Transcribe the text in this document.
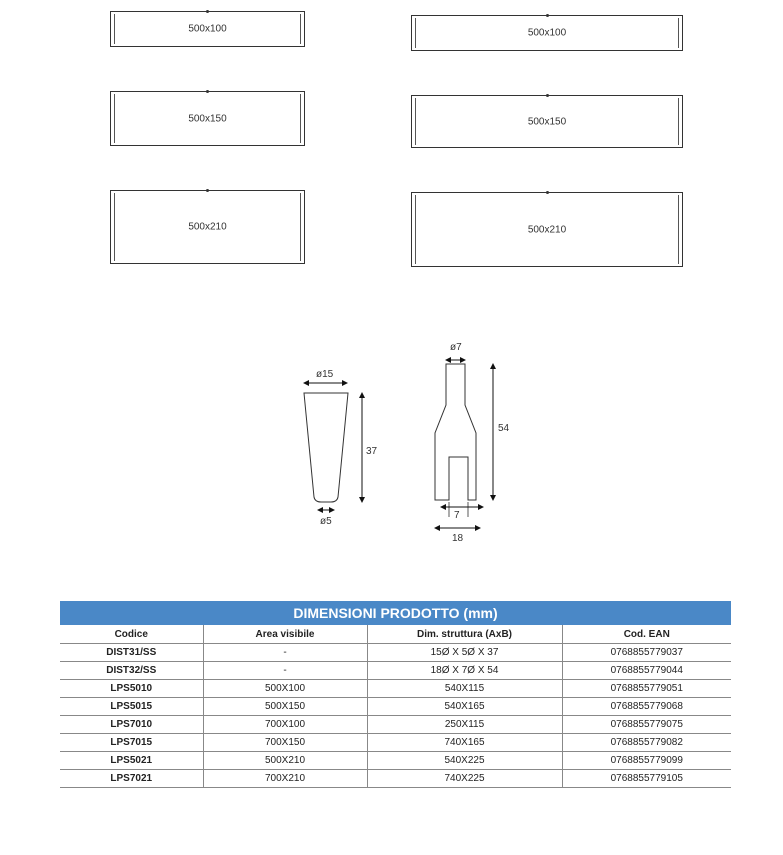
500x100
500x150
500x210
500x100
500x150
500x210
ø15
37
ø5
ø7
54
7
18
DIMENSIONI PRODOTTO (mm)
Codice	Area visibile	Dim. struttura (AxB)	Cod. EAN
DIST31/SS	-	15Ø X 5Ø X 37	0768855779037
DIST32/SS	-	18Ø X 7Ø X 54	0768855779044
LPS5010	500X100	540X115	0768855779051
LPS5015	500X150	540X165	0768855779068
LPS7010	700X100	250X115	0768855779075
LPS7015	700X150	740X165	0768855779082
LPS5021	500X210	540X225	0768855779099
LPS7021	700X210	740X225	0768855779105
